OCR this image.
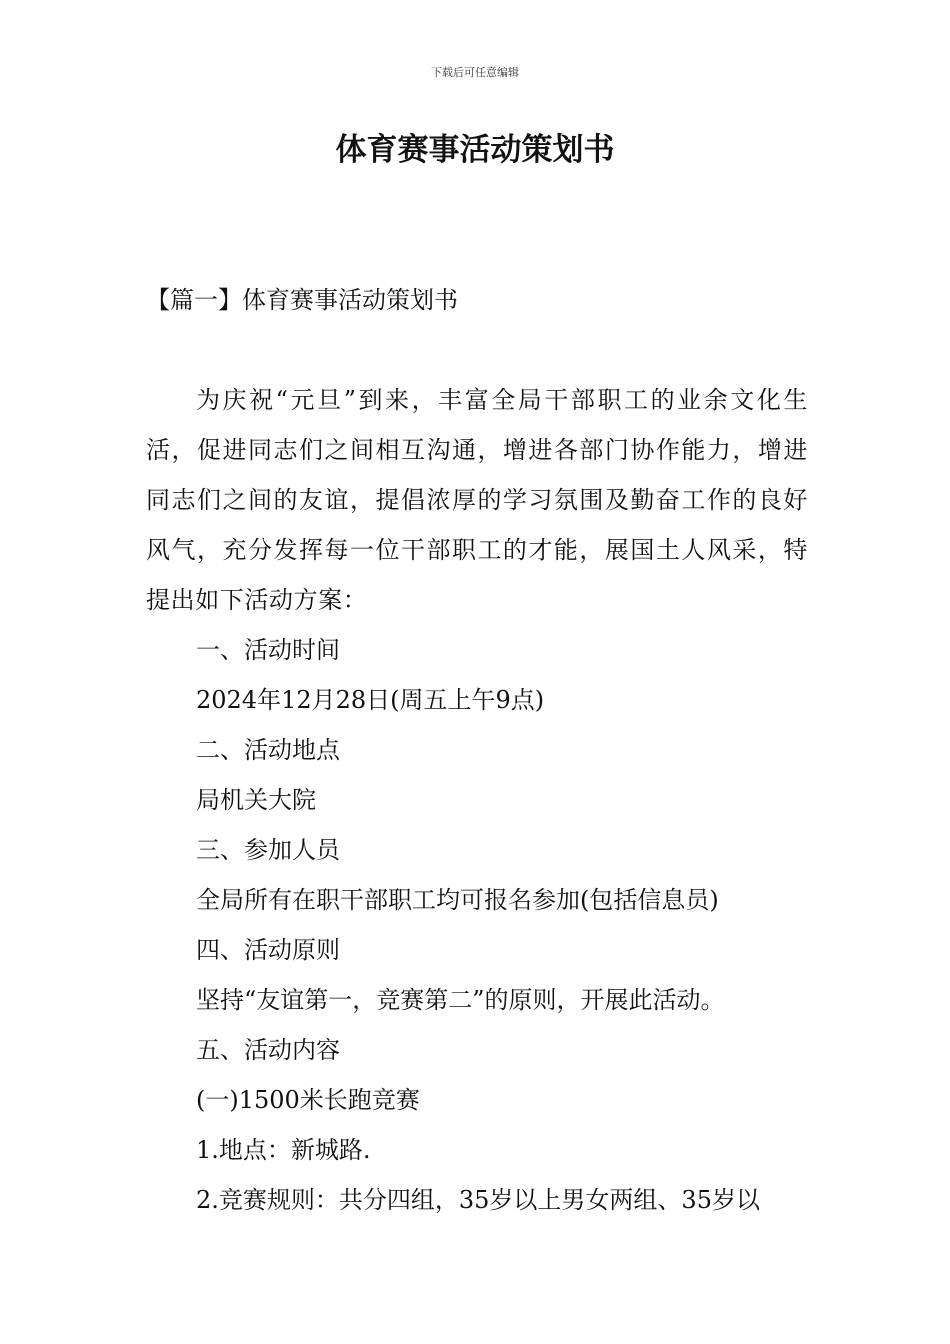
下载后可任意编辑
体育赛事活动策划书
【篇一】体育赛事活动策划书
为庆祝“元旦”到来，丰富全局干部职工的业余文化生活，促进同志们之间相互沟通，增进各部门协作能力，增进同志们之间的友谊，提倡浓厚的学习氛围及勤奋工作的良好风气，充分发挥每一位干部职工的才能，展国土人风采，特提出如下活动方案：
一、活动时间
2024年12月28日(周五上午9点)
二、活动地点
局机关大院
三、参加人员
全局所有在职干部职工均可报名参加(包括信息员)
四、活动原则
坚持“友谊第一，竞赛第二”的原则，开展此活动。
五、活动内容
(一)1500米长跑竞赛
1.地点：新城路.
2.竞赛规则：共分四组，35岁以上男女两组、35岁以
